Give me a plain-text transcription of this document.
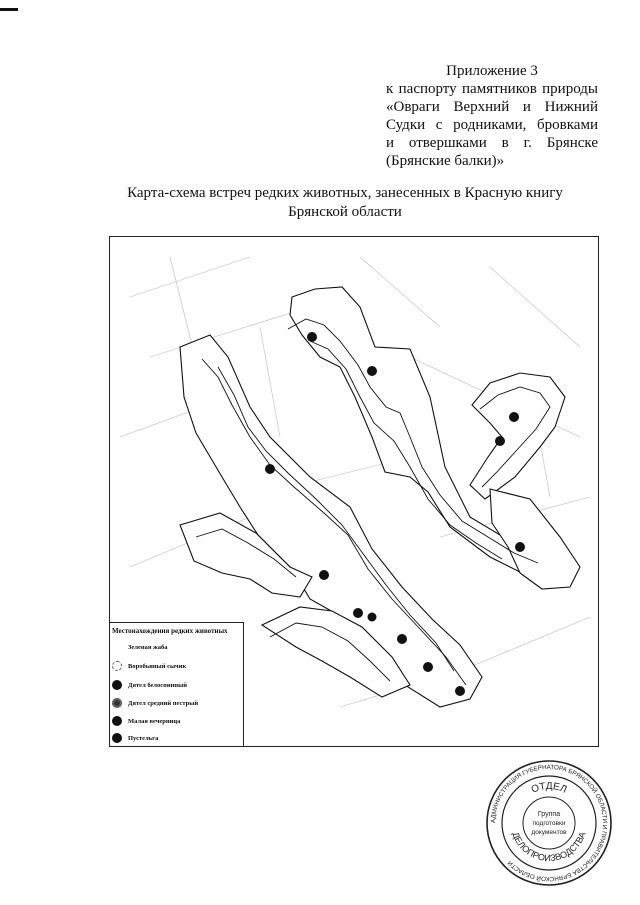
Приложение 3
к паспорту памятников природы
«Овраги Верхний и Нижний
Судки с родниками, бровками
и отвершками в г. Брянске
(Брянские балки)»
Карта-схема встреч редких животных, занесенных в Красную книгу
Брянской области
Местонахождения редких животных
Зеленая жаба
Воробьиный сычик
Дятел белоспинный
Дятел средний пестрый
Малая вечерница
Пустельга
АДМИНИСТРАЦИЯ ГУБЕРНАТОРА БРЯНСКОЙ ОБЛАСТИ И ПРАВИТЕЛЬСТВА БРЯНСКОЙ ОБЛАСТИ
ОТДЕЛ
ДЕЛОПРОИЗВОДСТВА
Группа
подготовки
документов
